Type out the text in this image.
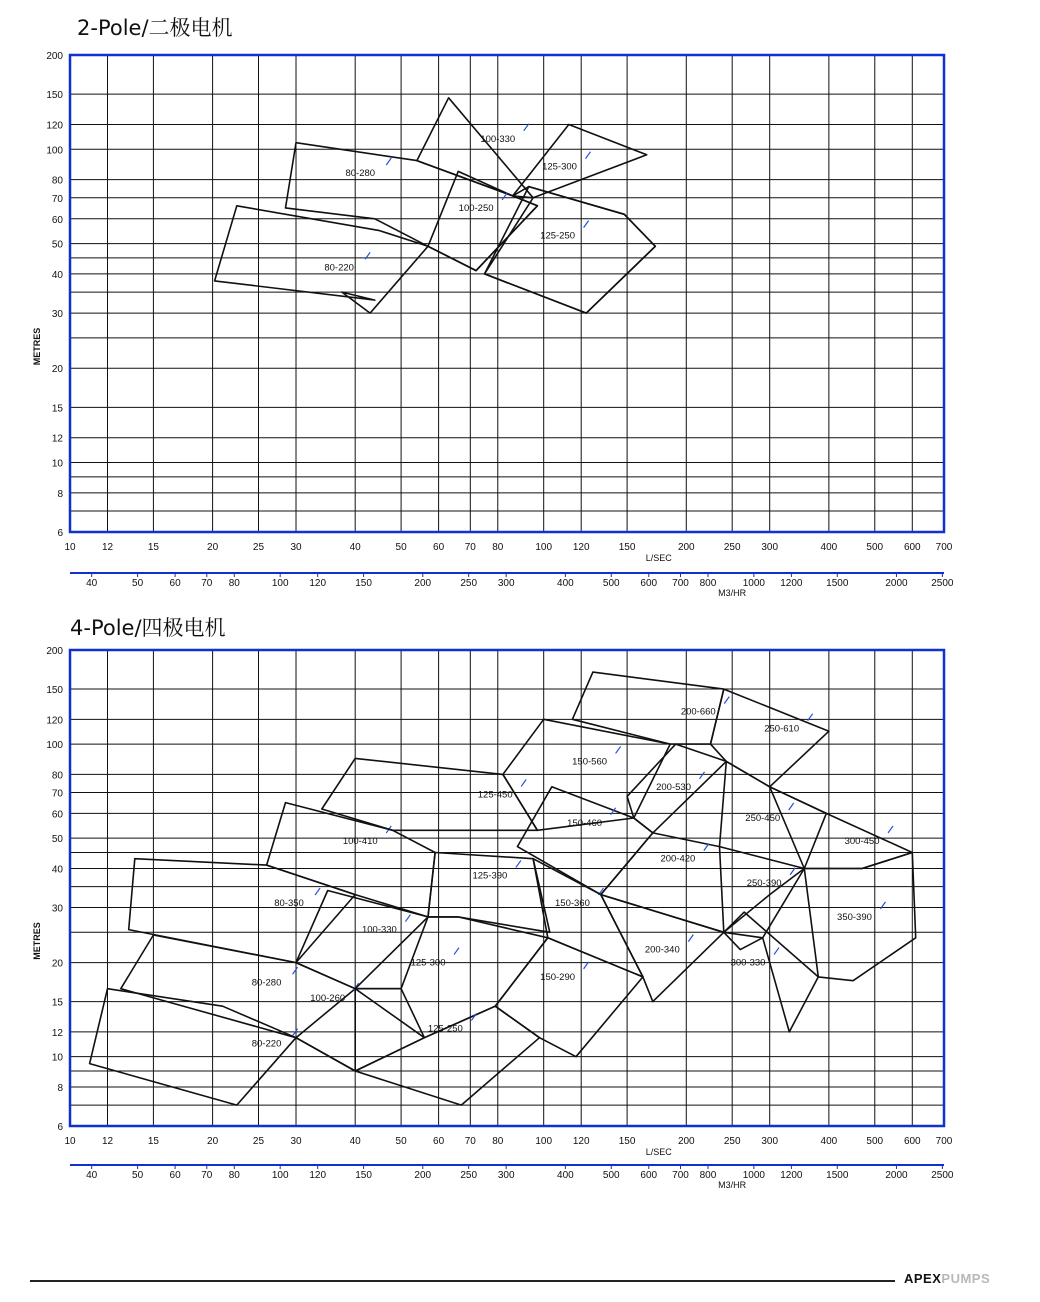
2-Pole/二极电机
4-Pole/四极电机
6
8
10
12
15
20
30
40
50
60
70
80
100
120
150
200
10	12	15	20	25	30	40	50	60 70 80	100 120	150	200	250 300	400	500 600 700
L/SEC
40	50	60 70 80	100 120	150	200	250 300	400	500 600 700 800	1000 1200 1500	2000 2500
M3/HR
METRES
80-220
80-280
100-330
100-250
125-300
125-250
6
8
10
12
15
20
30
40
50
60
70
80
100
120
150
200
10	12	15	20	25	30	40	50	60 70 80	100 120	150	200	250 300	400	500 600 700
L/SEC
40	50	60 70 80	100 120	150	200	250 300	400	500 600 700 800	1000 1200 1500	2000 2500
M3/HR
METRES
80-220
80-280
80-350
100-260
100-330
100-410
125-300
125-250
125-390
125-450
150-290
150-360
150-460
150-560
200-340
200-420
200-530
200-660
250-390
250-450
250-610
300-330
300-450
350-390
APEXPUMPS
